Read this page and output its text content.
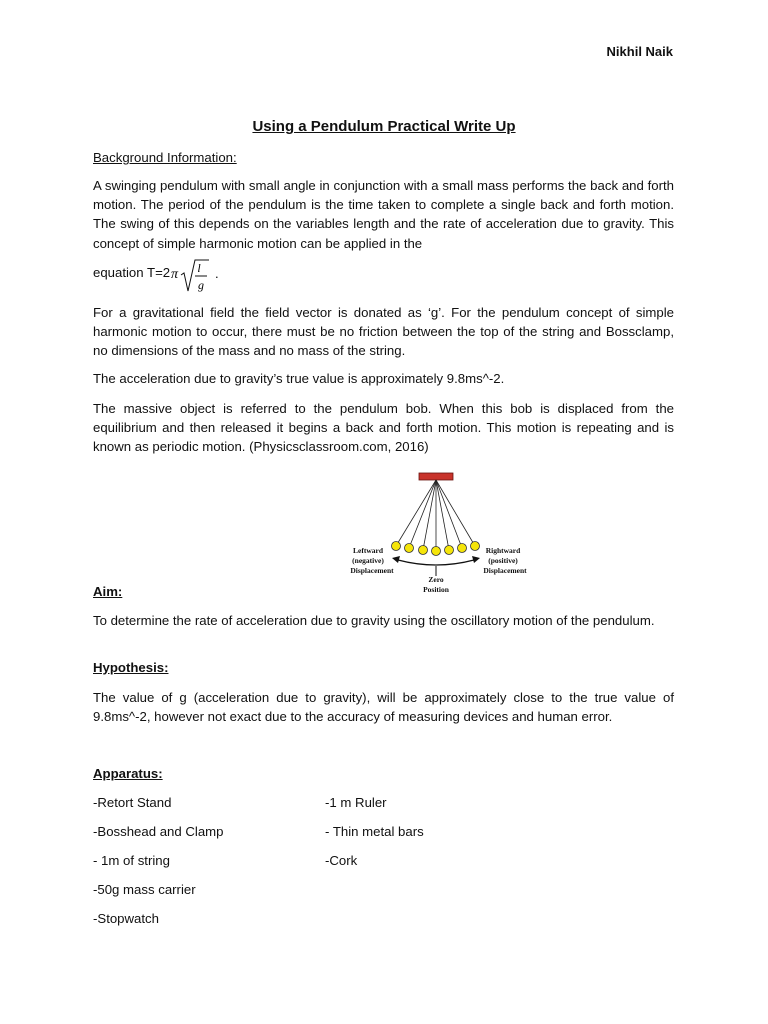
Nikhil Naik
Using a Pendulum Practical Write Up
Background Information:

A swinging pendulum with small angle in conjunction with a small mass performs the back and forth motion. The period of the pendulum is the time taken to complete a single back and forth motion. The swing of this depends on the variables length and the rate of acceleration due to gravity. This concept of simple harmonic motion can be applied in the

equation T=2 π l
g
.

For a gravitational field the field vector is donated as ‘g’. For the pendulum concept of simple harmonic motion to occur, there must be no friction between the top of the string and Bossclamp, no dimensions of the mass and no mass of the string.

The acceleration due to gravity’s true value is approximately 9.8ms^-2.

The massive object is referred to the pendulum bob. When this bob is displaced from the equilibrium and then released it begins a back and forth motion. This motion is repeating and is known as periodic motion. (Physicsclassroom.com, 2016)

Leftward
(negative)
Displacement
Rightward
(positive)
Displacement
Zero
Position
Aim:

To determine the rate of acceleration due to gravity using the oscillatory motion of the pendulum.

Hypothesis:

The value of g (acceleration due to gravity), will be approximately close to the true value of 9.8ms^-2, however not exact due to the accuracy of measuring devices and human error.

Apparatus:
-Retort Stand
-Bosshead and Clamp
- 1m of string
-50g mass carrier
-Stopwatch
-1 m Ruler
- Thin metal bars
-Cork
